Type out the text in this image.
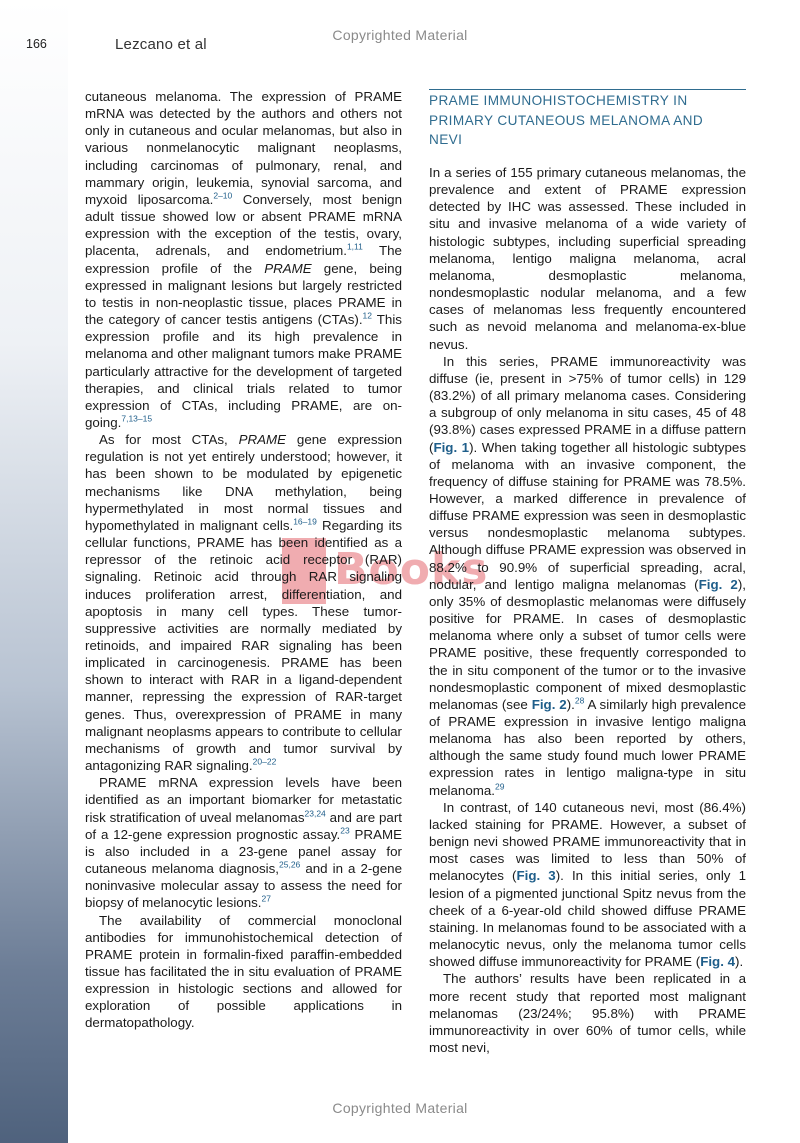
Copyrighted Material
166	Lezcano et al
Books

cutaneous melanoma. The expression of PRAME mRNA was detected by the authors and others not only in cutaneous and ocular melanomas, but also in various nonmelanocytic malignant neoplasms, including carcinomas of pulmonary, renal, and mammary origin, leukemia, synovial sarcoma, and myxoid liposarcoma.$^{2-10}$ Conversely, most benign adult tissue showed low or absent PRAME mRNA expression with the exception of the testis, ovary, placenta, adrenals, and endometrium.$^{1,11}$ The expression profile of the PRAME gene, being expressed in malignant lesions but largely restricted to testis in non-neoplastic tissue, places PRAME in the category of cancer testis antigens (CTAs).$^{12}$ This expression profile and its high prevalence in melanoma and other malignant tumors make PRAME particularly attractive for the development of targeted therapies, and clinical trials related to tumor expression of CTAs, including PRAME, are on-going.$^{7,13-15}$

As for most CTAs, PRAME gene expression regulation is not yet entirely understood; however, it has been shown to be modulated by epigenetic mechanisms like DNA methylation, being hypermethylated in most normal tissues and hypomethylated in malignant cells.$^{16-19}$ Regarding its cellular functions, PRAME has been identified as a repressor of the retinoic acid receptor (RAR) signaling. Retinoic acid through RAR signaling induces proliferation arrest, differentiation, and apoptosis in many cell types. These tumor-suppressive activities are normally mediated by retinoids, and impaired RAR signaling has been implicated in carcinogenesis. PRAME has been shown to interact with RAR in a ligand-dependent manner, repressing the expression of RAR-target genes. Thus, overexpression of PRAME in many malignant neoplasms appears to contribute to cellular mechanisms of growth and tumor survival by antagonizing RAR signaling.$^{20-22}$

PRAME mRNA expression levels have been identified as an important biomarker for metastatic risk stratification of uveal melanomas$^{23,24}$ and are part of a 12-gene expression prognostic assay.$^{23}$ PRAME is also included in a 23-gene panel assay for cutaneous melanoma diagnosis,$^{25,26}$ and in a 2-gene noninvasive molecular assay to assess the need for biopsy of melanocytic lesions.$^{27}$

The availability of commercial monoclonal antibodies for immunohistochemical detection of PRAME protein in formalin-fixed paraffin-embedded tissue has facilitated the in situ evaluation of PRAME expression in histologic sections and allowed for exploration of possible applications in dermatopathology.

PRAME IMMUNOHISTOCHEMISTRY IN
PRIMARY CUTANEOUS MELANOMA AND
NEVI

In a series of 155 primary cutaneous melanomas, the prevalence and extent of PRAME expression detected by IHC was assessed. These included in situ and invasive melanoma of a wide variety of histologic subtypes, including superficial spreading melanoma, lentigo maligna melanoma, acral melanoma, desmoplastic melanoma, nondesmoplastic nodular melanoma, and a few cases of melanomas less frequently encountered such as nevoid melanoma and melanoma-ex-blue nevus.

In this series, PRAME immunoreactivity was diffuse (ie, present in >75% of tumor cells) in 129 (83.2%) of all primary melanoma cases. Considering a subgroup of only melanoma in situ cases, 45 of 48 (93.8%) cases expressed PRAME in a diffuse pattern (Fig. 1). When taking together all histologic subtypes of melanoma with an invasive component, the frequency of diffuse staining for PRAME was 78.5%. However, a marked difference in prevalence of diffuse PRAME expression was seen in desmoplastic versus nondesmoplastic melanoma subtypes. Although diffuse PRAME expression was observed in 88.2% to 90.9% of superficial spreading, acral, nodular, and lentigo maligna melanomas (Fig. 2), only 35% of desmoplastic melanomas were diffusely positive for PRAME. In cases of desmoplastic melanoma where only a subset of tumor cells were PRAME positive, these frequently corresponded to the in situ component of the tumor or to the invasive nondesmoplastic component of mixed desmoplastic melanomas (see Fig. 2).$^{28}$ A similarly high prevalence of PRAME expression in invasive lentigo maligna melanoma has also been reported by others, although the same study found much lower PRAME expression rates in lentigo maligna-type in situ melanoma.$^{29}$

In contrast, of 140 cutaneous nevi, most (86.4%) lacked staining for PRAME. However, a subset of benign nevi showed PRAME immunoreactivity that in most cases was limited to less than 50% of melanocytes (Fig. 3). In this initial series, only 1 lesion of a pigmented junctional Spitz nevus from the cheek of a 6-year-old child showed diffuse PRAME staining. In melanomas found to be associated with a melanocytic nevus, only the melanoma tumor cells showed diffuse immunoreactivity for PRAME (Fig. 4).

The authors’ results have been replicated in a more recent study that reported most malignant melanomas (23/24%; 95.8%) with PRAME immunoreactivity in over 60% of tumor cells, while most nevi,

Copyrighted Material
